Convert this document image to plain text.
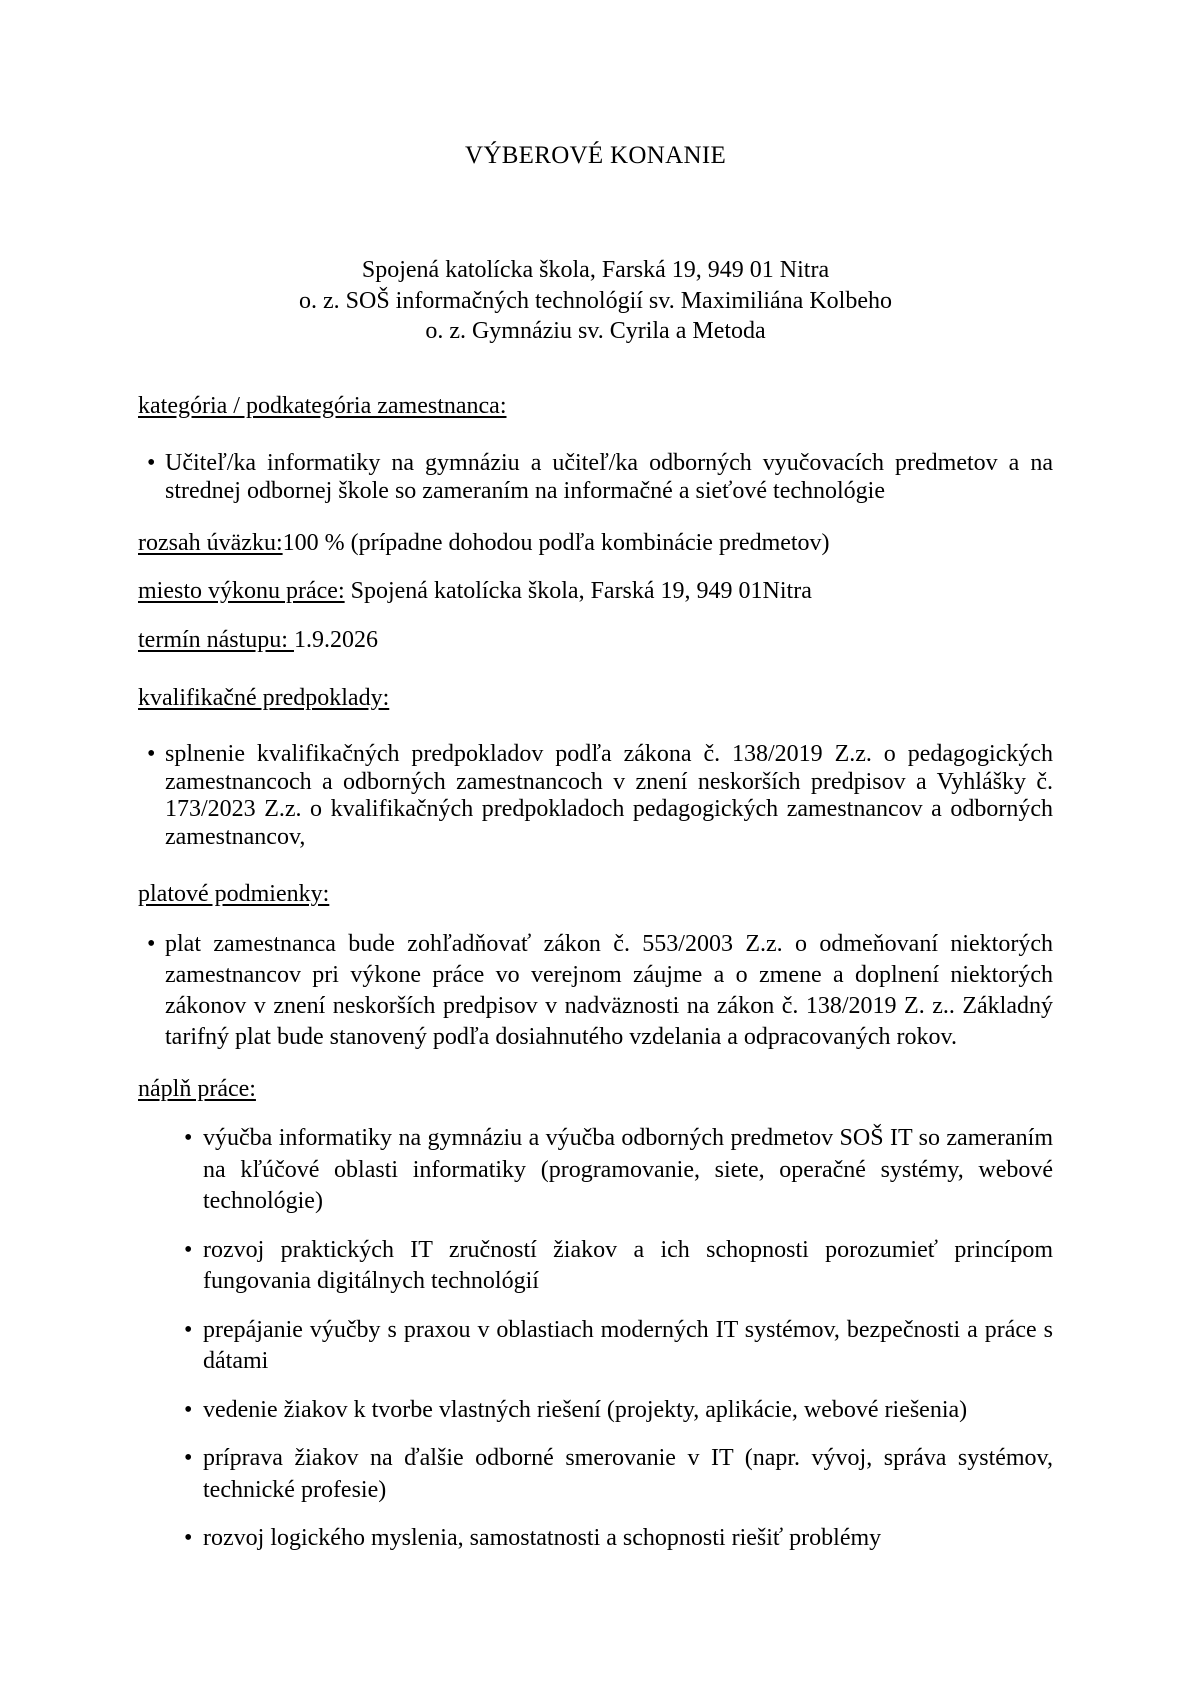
VÝBEROVÉ KONANIE
Spojená katolícka škola, Farská 19, 949 01 Nitra
o. z. SOŠ informačných technológií sv. Maximiliána Kolbeho
o. z. Gymnáziu sv. Cyrila a Metoda

kategória / podkategória zamestnanca:

• Učiteľ/ka informatiky na gymnáziu a učiteľ/ka odborných vyučovacích predmetov a na strednej odbornej škole so zameraním na informačné a sieťové technológie

rozsah úväzku:100 % (prípadne dohodou podľa kombinácie predmetov)

miesto výkonu práce: Spojená katolícka škola, Farská 19, 949 01Nitra

termín nástupu: 1.9.2026

kvalifikačné predpoklady:

• splnenie kvalifikačných predpokladov podľa zákona č. 138/2019 Z.z. o pedagogických zamestnancoch a odborných zamestnancoch v znení neskorších predpisov a Vyhlášky č. 173/2023 Z.z. o kvalifikačných predpokladoch pedagogických zamestnancov a odborných zamestnancov,

platové podmienky:

• plat zamestnanca bude zohľadňovať zákon č. 553/2003 Z.z. o odmeňovaní niektorých zamestnancov pri výkone práce vo verejnom záujme a o zmene a doplnení niektorých zákonov v znení neskorších predpisov v nadväznosti na zákon č. 138/2019 Z. z.. Základný tarifný plat bude stanovený podľa dosiahnutého vzdelania a odpracovaných rokov.

náplň práce:

• výučba informatiky na gymnáziu a výučba odborných predmetov SOŠ IT so zameraním na kľúčové oblasti informatiky (programovanie, siete, operačné systémy, webové technológie)
• rozvoj praktických IT zručností žiakov a ich schopnosti porozumieť princípom fungovania digitálnych technológií
• prepájanie výučby s praxou v oblastiach moderných IT systémov, bezpečnosti a práce s dátami
• vedenie žiakov k tvorbe vlastných riešení (projekty, aplikácie, webové riešenia)
• príprava žiakov na ďalšie odborné smerovanie v IT (napr. vývoj, správa systémov, technické profesie)
• rozvoj logického myslenia, samostatnosti a schopnosti riešiť problémy
